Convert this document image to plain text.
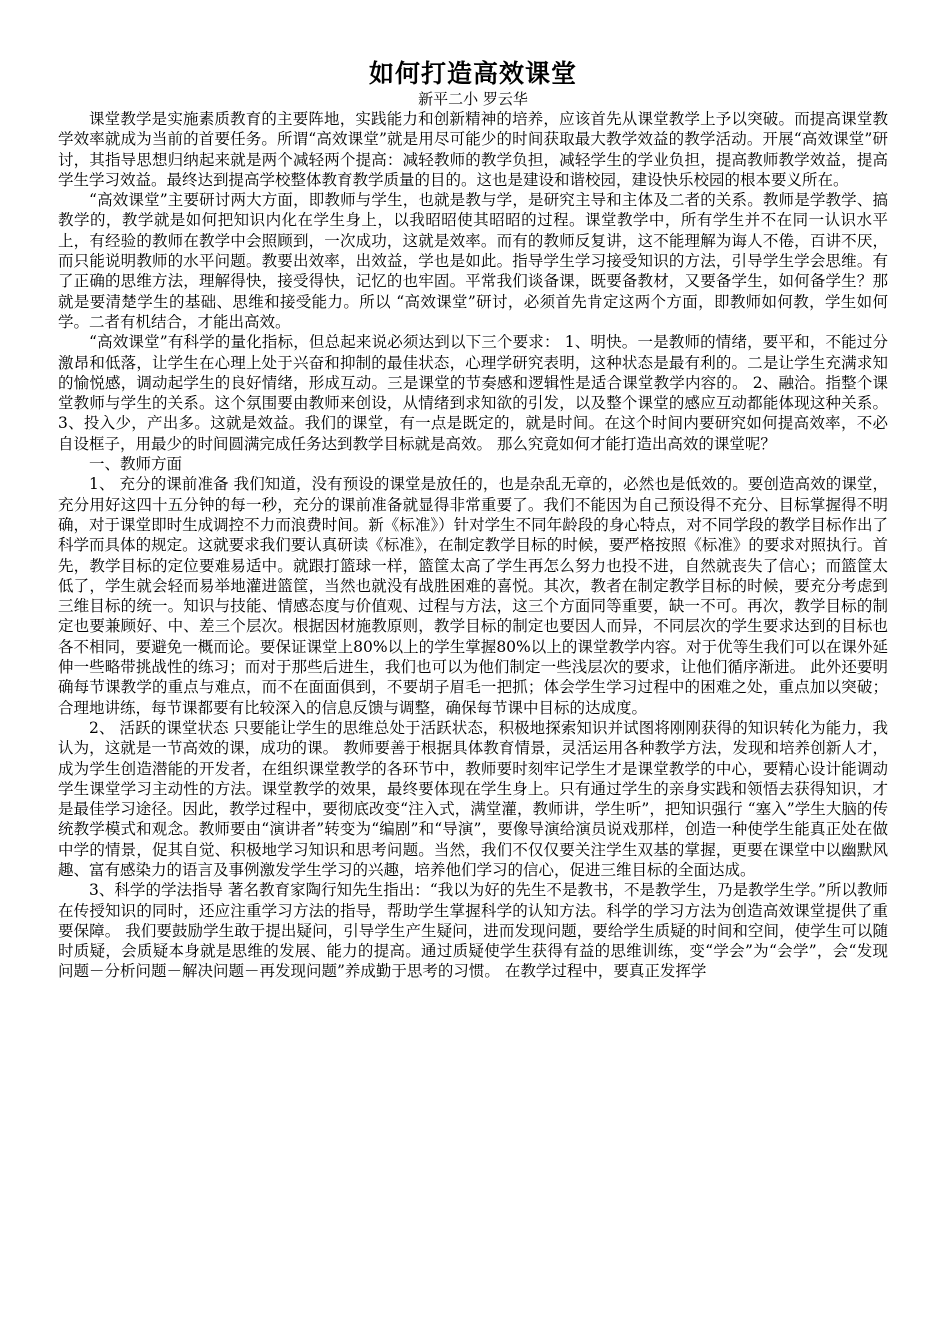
如何打造高效课堂

新平二小 罗云华

课堂教学是实施素质教育的主要阵地，实践能力和创新精神的培养，应该首先从课堂教学上予以突破。而提高课堂教学效率就成为当前的首要任务。所谓“高效课堂”就是用尽可能少的时间获取最大教学效益的教学活动。开展“高效课堂”研讨，其指导思想归纳起来就是两个减轻两个提高：减轻教师的教学负担，减轻学生的学业负担，提高教师教学效益，提高学生学习效益。最终达到提高学校整体教育教学质量的目的。这也是建设和谐校园，建设快乐校园的根本要义所在。

“高效课堂”主要研讨两大方面，即教师与学生，也就是教与学，是研究主导和主体及二者的关系。教师是学教学、搞教学的，教学就是如何把知识内化在学生身上，以我昭昭使其昭昭的过程。课堂教学中，所有学生并不在同一认识水平上，有经验的教师在教学中会照顾到，一次成功，这就是效率。而有的教师反复讲，这不能理解为诲人不倦，百讲不厌，而只能说明教师的水平问题。教要出效率，出效益，学也是如此。指导学生学习接受知识的方法，引导学生学会思维。有了正确的思维方法，理解得快，接受得快，记忆的也牢固。平常我们谈备课，既要备教材，又要备学生，如何备学生？那就是要清楚学生的基础、思维和接受能力。所以 “高效课堂”研讨，必须首先肯定这两个方面，即教师如何教，学生如何学。二者有机结合，才能出高效。

“高效课堂”有科学的量化指标，但总起来说必须达到以下三个要求： 1、明快。一是教师的情绪，要平和，不能过分激昂和低落，让学生在心理上处于兴奋和抑制的最佳状态，心理学研究表明，这种状态是最有利的。二是让学生充满求知的愉悦感，调动起学生的良好情绪，形成互动。三是课堂的节奏感和逻辑性是适合课堂教学内容的。 2、融洽。指整个课堂教师与学生的关系。这个氛围要由教师来创设，从情绪到求知欲的引发，以及整个课堂的感应互动都能体现这种关系。 3、投入少，产出多。这就是效益。我们的课堂，有一点是既定的，就是时间。在这个时间内要研究如何提高效率，不必自设框子，用最少的时间圆满完成任务达到教学目标就是高效。 那么究竟如何才能打造出高效的课堂呢？

一、教师方面

1、 充分的课前准备 我们知道，没有预设的课堂是放任的，也是杂乱无章的，必然也是低效的。要创造高效的课堂，充分用好这四十五分钟的每一秒，充分的课前准备就显得非常重要了。我们不能因为自己预设得不充分、目标掌握得不明确，对于课堂即时生成调控不力而浪费时间。新《标准》）针对学生不同年龄段的身心特点，对不同学段的教学目标作出了科学而具体的规定。这就要求我们要认真研读《标准》，在制定教学目标的时候，要严格按照《标准》的要求对照执行。首先，教学目标的定位要难易适中。就跟打篮球一样，篮筐太高了学生再怎么努力也投不进，自然就丧失了信心；而篮筐太低了，学生就会轻而易举地灌进篮筐，当然也就没有战胜困难的喜悦。其次，教者在制定教学目标的时候，要充分考虑到三维目标的统一。知识与技能、情感态度与价值观、过程与方法，这三个方面同等重要，缺一不可。再次，教学目标的制定也要兼顾好、中、差三个层次。根据因材施教原则，教学目标的制定也要因人而异，不同层次的学生要求达到的目标也各不相同，要避免一概而论。要保证课堂上80%以上的学生掌握80%以上的课堂教学内容。对于优等生我们可以在课外延伸一些略带挑战性的练习；而对于那些后进生，我们也可以为他们制定一些浅层次的要求，让他们循序渐进。 此外还要明确每节课教学的重点与难点，而不在面面俱到，不要胡子眉毛一把抓；体会学生学习过程中的困难之处，重点加以突破；合理地讲练，每节课都要有比较深入的信息反馈与调整，确保每节课中目标的达成度。

2、 活跃的课堂状态 只要能让学生的思维总处于活跃状态，积极地探索知识并试图将刚刚获得的知识转化为能力，我认为，这就是一节高效的课，成功的课。 教师要善于根据具体教育情景，灵活运用各种教学方法，发现和培养创新人才，成为学生创造潜能的开发者，在组织课堂教学的各环节中，教师要时刻牢记学生才是课堂教学的中心，要精心设计能调动学生课堂学习主动性的方法。课堂教学的效果，最终要体现在学生身上。只有通过学生的亲身实践和领悟去获得知识，才是最佳学习途径。因此，教学过程中，要彻底改变“注入式，满堂灌，教师讲，学生听”，把知识强行 “塞入”学生大脑的传统教学模式和观念。教师要由“演讲者”转变为“编剧”和“导演”，要像导演给演员说戏那样，创造一种使学生能真正处在做中学的情景，促其自觉、积极地学习知识和思考问题。当然，我们不仅仅要关注学生双基的掌握，更要在课堂中以幽默风趣、富有感染力的语言及事例激发学生学习的兴趣，培养他们学习的信心，促进三维目标的全面达成。

3、科学的学法指导 著名教育家陶行知先生指出：“我以为好的先生不是教书，不是教学生，乃是教学生学。”所以教师在传授知识的同时，还应注重学习方法的指导，帮助学生掌握科学的认知方法。科学的学习方法为创造高效课堂提供了重要保障。 我们要鼓励学生敢于提出疑问，引导学生产生疑问，进而发现问题，要给学生质疑的时间和空间，使学生可以随时质疑，会质疑本身就是思维的发展、能力的提高。通过质疑使学生获得有益的思维训练，变“学会”为“会学”，会“发现问题－分析问题－解决问题－再发现问题”养成勤于思考的习惯。 在教学过程中，要真正发挥学
